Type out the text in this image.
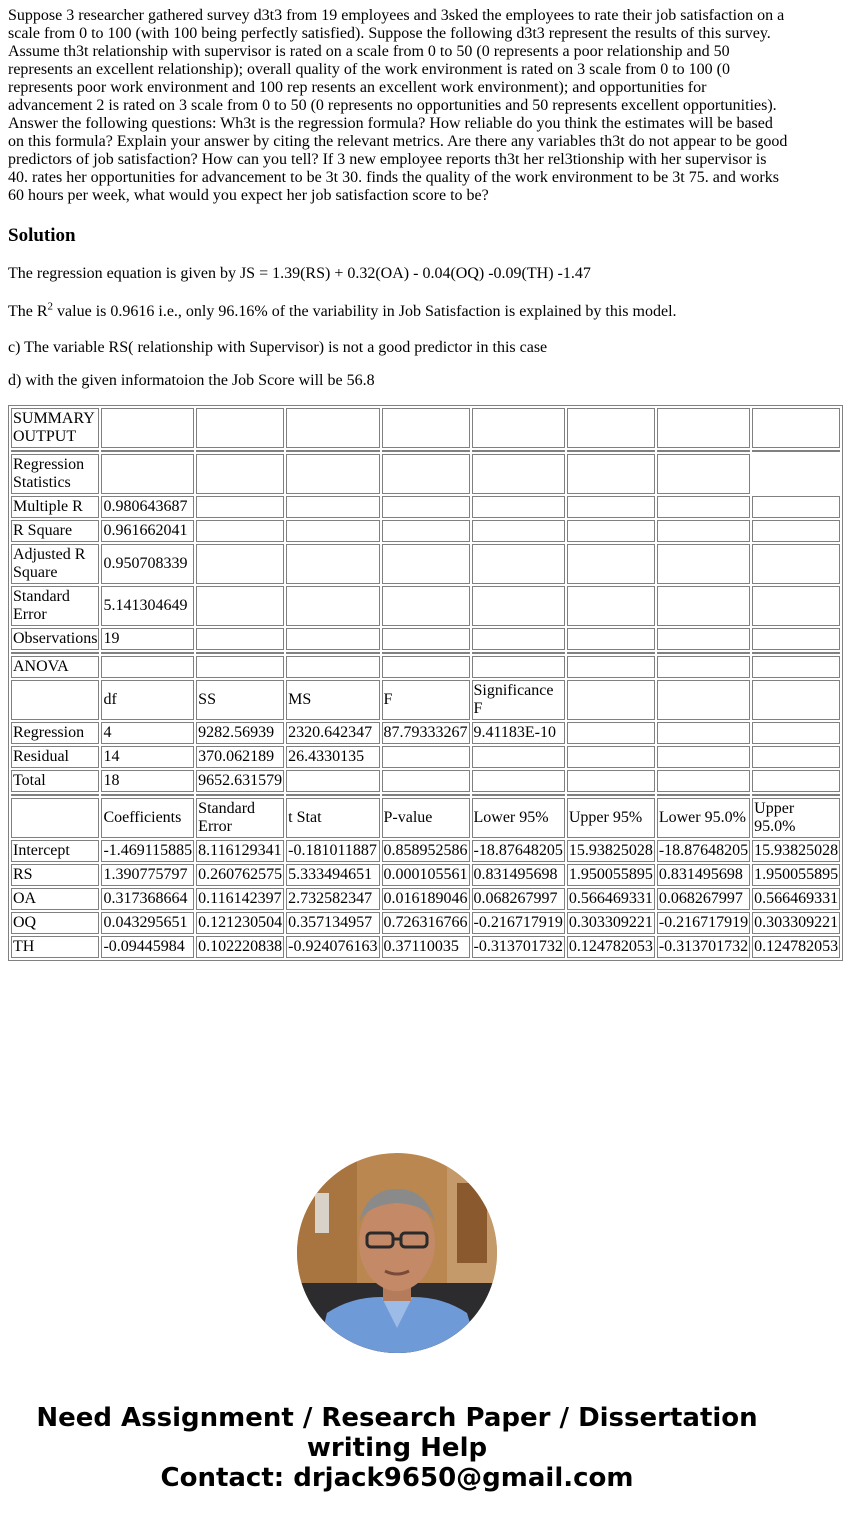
Suppose 3 researcher gathered survey d3t3 from 19 employees and 3sked the employees to rate their job satisfaction on a scale from 0 to 100 (with 100 being perfectly satisfied). Suppose the following d3t3 represent the results of this survey. Assume th3t relationship with supervisor is rated on a scale from 0 to 50 (0 represents a poor relationship and 50 represents an excellent relationship); overall quality of the work environment is rated on 3 scale from 0 to 100 (0 represents poor work environment and 100 rep resents an excellent work environment); and opportunities for advancement 2 is rated on 3 scale from 0 to 50 (0 represents no opportunities and 50 represents excellent opportunities). Answer the following questions: Wh3t is the regression formula? How reliable do you think the estimates will be based on this formula? Explain your answer by citing the relevant metrics. Are there any variables th3t do not appear to be good predictors of job satisfaction? How can you tell? If 3 new employee reports th3t her rel3tionship with her supervisor is 40. rates her opportunities for advancement to be 3t 30. finds the quality of the work environment to be 3t 75. and works 60 hours per week, what would you expect her job satisfaction score to be?

Solution

The regression equation is given by JS = 1.39(RS) + 0.32(OA) - 0.04(OQ) -0.09(TH) -1.47

The $R^2$ value is 0.9616 i.e., only 96.16% of the variability in Job Satisfaction is explained by this model.

c) The variable RS( relationship with Supervisor) is not a good predictor in this case

d) with the given informatoion the Job Score will be 56.8

SUMMARY OUTPUT								

Regression Statistics								
Multiple R	0.980643687							
R Square	0.961662041							
Adjusted R Square	0.950708339							
Standard Error	5.141304649							
Observations	19							

ANOVA								
	df	SS	MS	F	Significance F			
Regression	4	9282.56939	2320.642347	87.79333267	9.41183E-10			
Residual	14	370.062189	26.4330135					
Total	18	9652.631579						

	Coefficients	Standard Error	t Stat	P-value	Lower 95%	Upper 95%	Lower 95.0%	Upper 95.0%
Intercept	-1.469115885	8.116129341	-0.181011887	0.858952586	-18.87648205	15.93825028	-18.87648205	15.93825028
RS	1.390775797	0.260762575	5.333494651	0.000105561	0.831495698	1.950055895	0.831495698	1.950055895
OA	0.317368664	0.116142397	2.732582347	0.016189046	0.068267997	0.566469331	0.068267997	0.566469331
OQ	0.043295651	0.121230504	0.357134957	0.726316766	-0.216717919	0.303309221	-0.216717919	0.303309221
TH	-0.09445984	0.102220838	-0.924076163	0.37110035	-0.313701732	0.124782053	-0.313701732	0.124782053
Need Assignment / Research Paper / Dissertation
writing Help
Contact: drjack9650@gmail.com
